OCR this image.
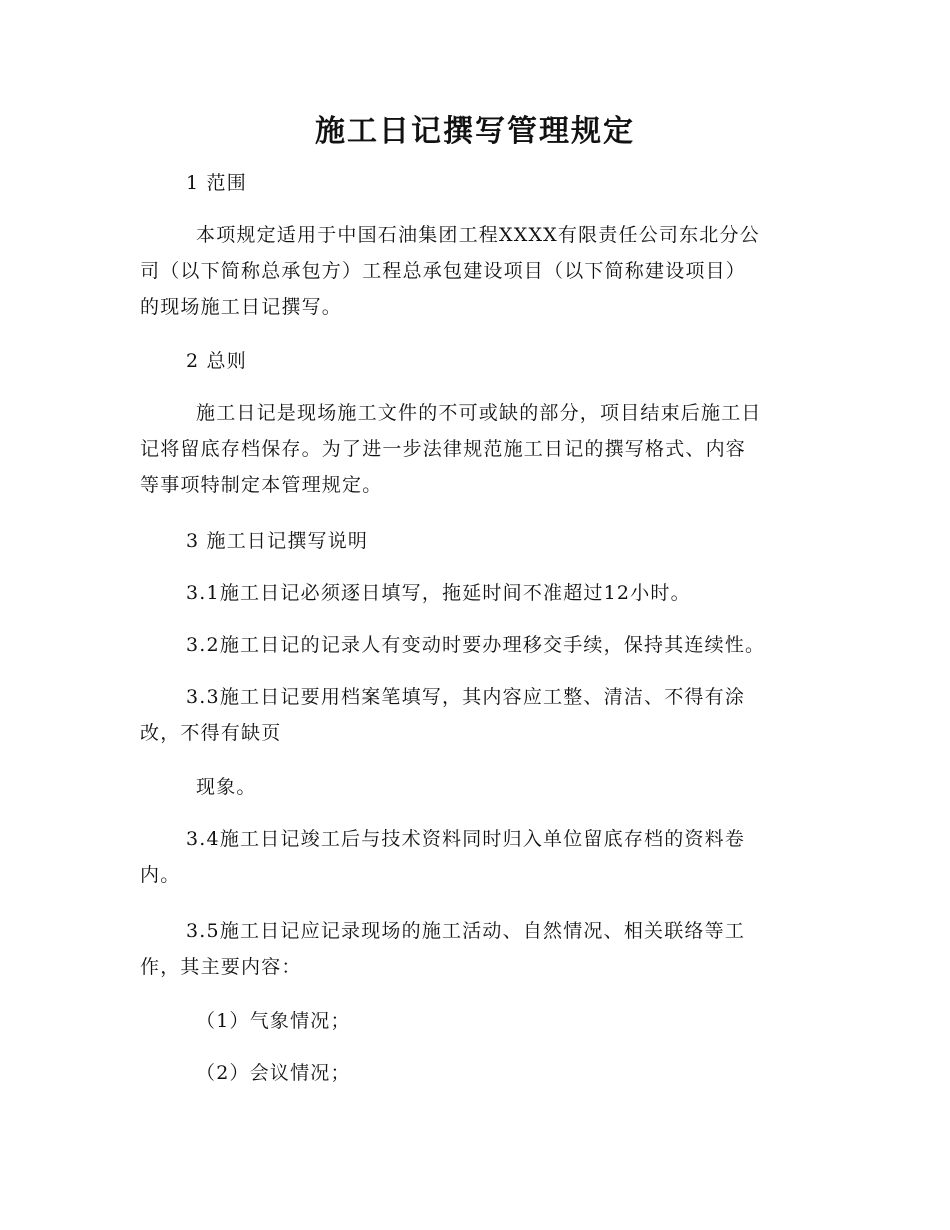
施工日记撰写管理规定

1 范围

本项规定适用于中国石油集团工程XXXX有限责任公司东北分公

司（以下简称总承包方）工程总承包建设项目（以下简称建设项目）

的现场施工日记撰写。

2 总则

施工日记是现场施工文件的不可或缺的部分，项目结束后施工日

记将留底存档保存。为了进一步法律规范施工日记的撰写格式、内容

等事项特制定本管理规定。

3 施工日记撰写说明

3.1施工日记必须逐日填写，拖延时间不准超过12小时。

3.2施工日记的记录人有变动时要办理移交手续，保持其连续性。

3.3施工日记要用档案笔填写，其内容应工整、清洁、不得有涂

改，不得有缺页

现象。

3.4施工日记竣工后与技术资料同时归入单位留底存档的资料卷

内。

3.5施工日记应记录现场的施工活动、自然情况、相关联络等工

作，其主要内容：

（1）气象情况；

（2）会议情况；
